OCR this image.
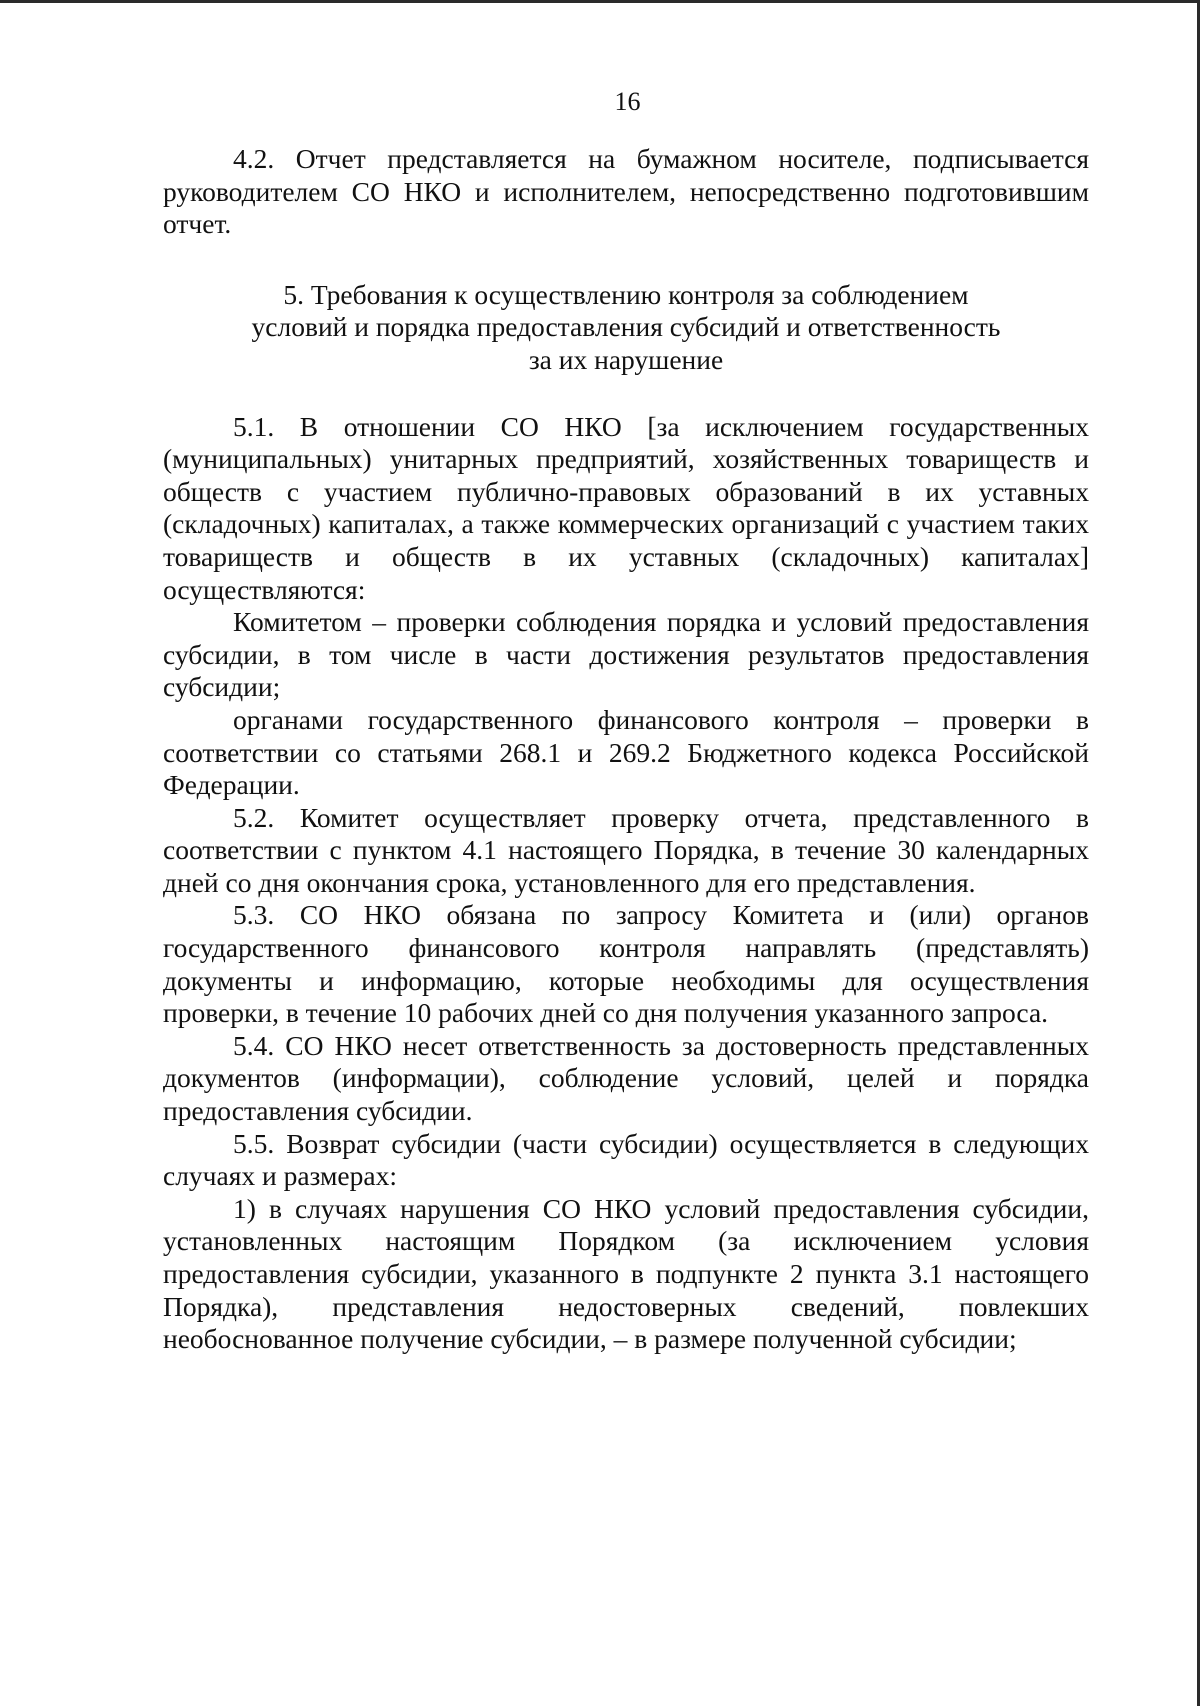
16

4.2. Отчет представляется на бумажном носителе, подписывается руководителем СО НКО и исполнителем, непосредственно подготовившим отчет.

5. Требования к осуществлению контроля за соблюдением
условий и порядка предоставления субсидий и ответственность
за их нарушение

5.1. В отношении СО НКО [за исключением государственных (муниципальных) унитарных предприятий, хозяйственных товариществ и обществ с участием публично-правовых образований в их уставных (складочных) капиталах, а также коммерческих организаций с участием таких товариществ и обществ в их уставных (складочных) капиталах] осуществляются:

Комитетом – проверки соблюдения порядка и условий предоставления субсидии, в том числе в части достижения результатов предоставления субсидии;

органами государственного финансового контроля – проверки в соответствии со статьями 268.1 и 269.2 Бюджетного кодекса Российской Федерации.

5.2. Комитет осуществляет проверку отчета, представленного в соответствии с пунктом 4.1 настоящего Порядка, в течение 30 календарных дней со дня окончания срока, установленного для его представления.

5.3. СО НКО обязана по запросу Комитета и (или) органов государственного финансового контроля направлять (представлять) документы и информацию, которые необходимы для осуществления проверки, в течение 10 рабочих дней со дня получения указанного запроса.

5.4. СО НКО несет ответственность за достоверность представленных документов (информации), соблюдение условий, целей и порядка предоставления субсидии.

5.5. Возврат субсидии (части субсидии) осуществляется в следующих случаях и размерах:

1) в случаях нарушения СО НКО условий предоставления субсидии, установленных настоящим Порядком (за исключением условия предоставления субсидии, указанного в подпункте 2 пункта 3.1 настоящего Порядка), представления недостоверных сведений, повлекших необоснованное получение субсидии, – в размере полученной субсидии;
